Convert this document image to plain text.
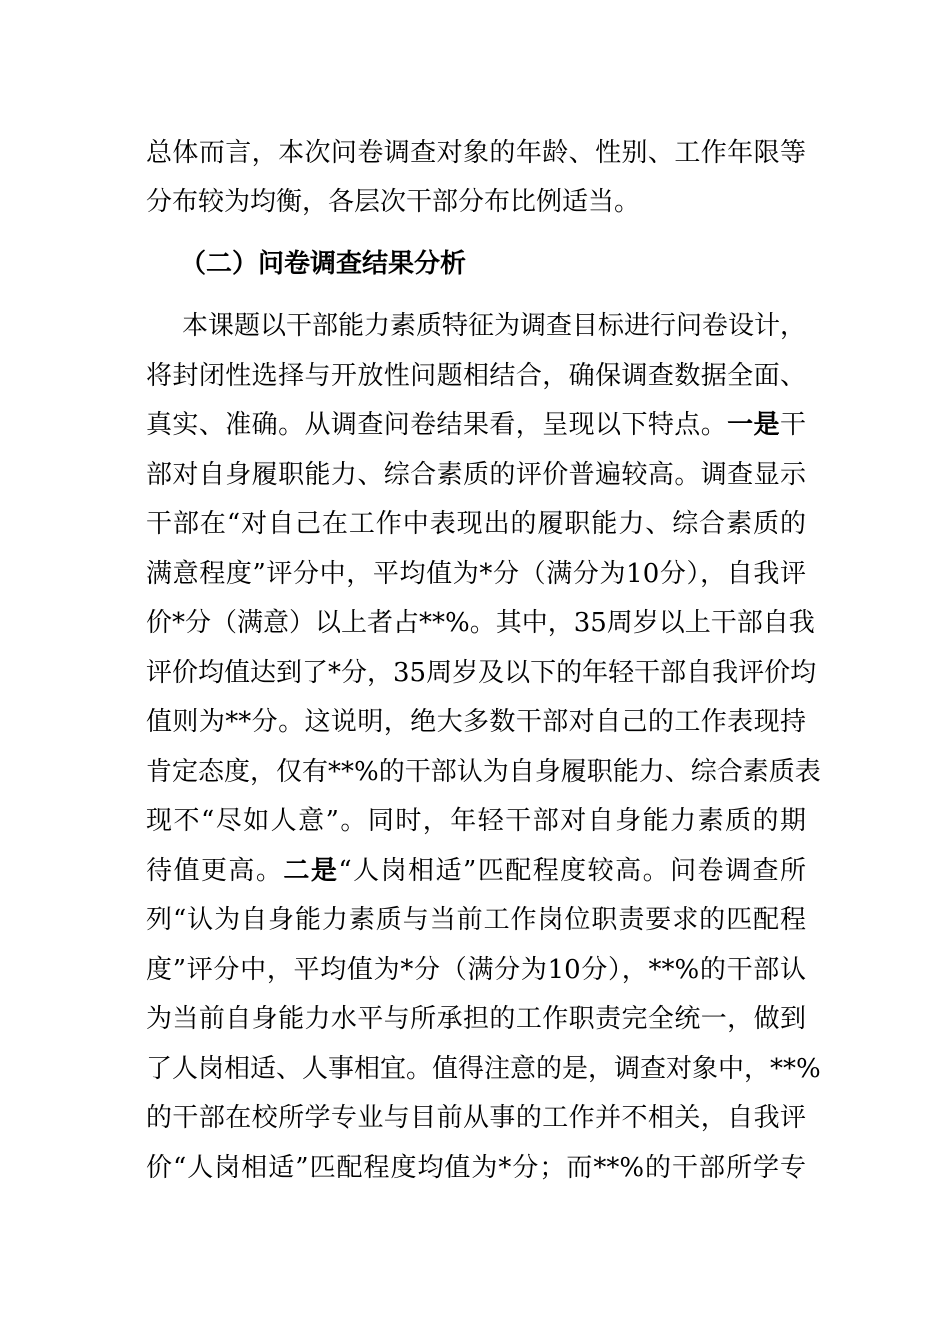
总体而言，本次问卷调查对象的年龄、性别、工作年限等
分布较为均衡，各层次干部分布比例适当。
（二）问卷调查结果分析
本课题以干部能力素质特征为调查目标进行问卷设计，
将封闭性选择与开放性问题相结合，确保调查数据全面、
真实、准确。从调查问卷结果看，呈现以下特点。一是干
部对自身履职能力、综合素质的评价普遍较高。调查显示
干部在“对自己在工作中表现出的履职能力、综合素质的
满意程度”评分中，平均值为*分（满分为10分），自我评
价*分（满意）以上者占**%。其中，35周岁以上干部自我
评价均值达到了*分，35周岁及以下的年轻干部自我评价均
值则为**分。这说明，绝大多数干部对自己的工作表现持
肯定态度，仅有**%的干部认为自身履职能力、综合素质表
现不“尽如人意”。同时，年轻干部对自身能力素质的期
待值更高。二是“人岗相适”匹配程度较高。问卷调查所
列“认为自身能力素质与当前工作岗位职责要求的匹配程
度”评分中，平均值为*分（满分为10分），**%的干部认
为当前自身能力水平与所承担的工作职责完全统一，做到
了人岗相适、人事相宜。值得注意的是，调查对象中，**%
的干部在校所学专业与目前从事的工作并不相关，自我评
价“人岗相适”匹配程度均值为*分；而**%的干部所学专
